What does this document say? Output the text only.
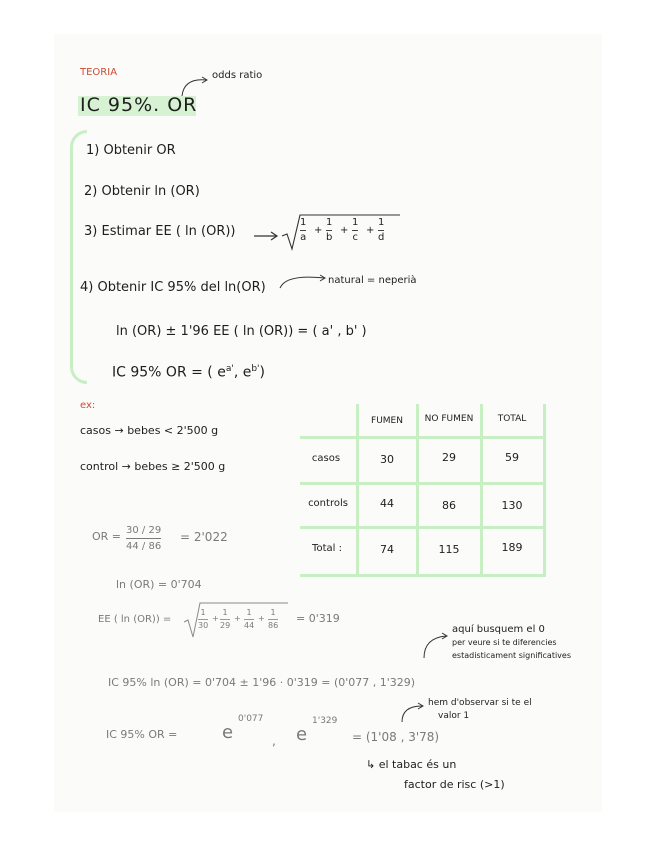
TEORIA
IC 95%. OR
odds ratio
1) Obtenir OR
2) Obtenir ln (OR)
3) Estimar EE ( ln (OR))
1
a
+
1
b
+
1
c
+
1
d
4) Obtenir IC 95% del ln(OR)	natural = neperià
ln (OR) ± 1'96 EE ( ln (OR)) = ( a' , b' )
IC 95% OR = ( $e^{a'}$, $e^{b'}$)
ex:
casos → bebes < 2'500 g
control → bebes ≥ 2'500 g
FUMEN	NO FUMEN	TOTAL
casos	30	29	59
controls	44	86	130
Total :	74	115	189
OR = 30 / 29
44 / 86
= 2'022
ln (OR) = 0'704
EE ( ln (OR)) =
1
30
+
1
29
+
1
44
+
1
86
= 0'319
aquí busquem el 0
per veure si te diferencies
estadisticament significatives
IC 95% ln (OR) = 0'704 ± 1'96 · 0'319 = (0'077 , 1'329)
hem d'observar si te el
valor 1
IC 95% OR = e
0'077
, e
1'329
= (1'08 , 3'78)
↳ el tabac és un
factor de risc (>1)
